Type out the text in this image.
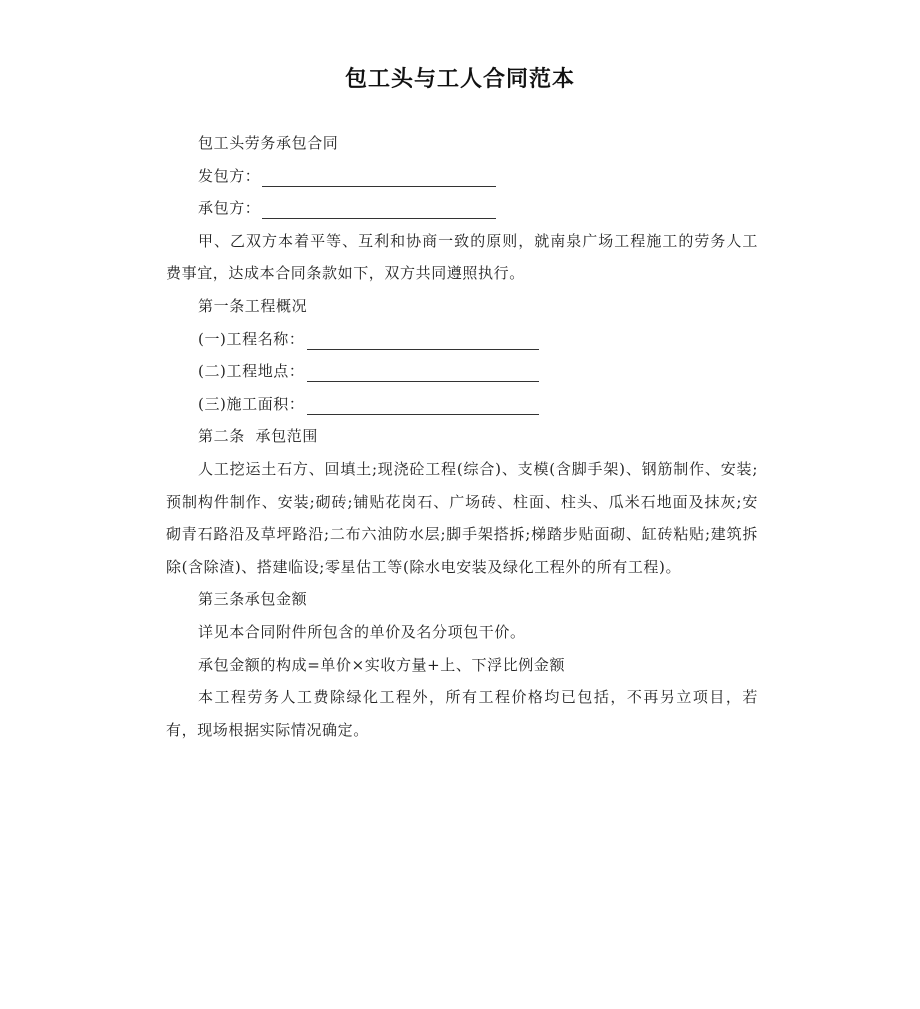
包工头与工人合同范本

包工头劳务承包合同

发包方：

承包方：

甲、乙双方本着平等、互利和协商一致的原则，就南泉广场工程施工的劳务人工费事宜，达成本合同条款如下，双方共同遵照执行。

第一条工程概况

(一)工程名称：

(二)工程地点：

(三)施工面积：

第二条  承包范围

人工挖运土石方、回填土;现浇砼工程(综合)、支模(含脚手架)、钢筋制作、安装;预制构件制作、安装;砌砖;铺贴花岗石、广场砖、柱面、柱头、瓜米石地面及抹灰;安砌青石路沿及草坪路沿;二布六油防水层;脚手架搭拆;梯踏步贴面砌、缸砖粘贴;建筑拆除(含除渣)、搭建临设;零星估工等(除水电安装及绿化工程外的所有工程)。

第三条承包金额

详见本合同附件所包含的单价及名分项包干价。

承包金额的构成=单价×实收方量+上、下浮比例金额

本工程劳务人工费除绿化工程外，所有工程价格均已包括，不再另立项目，若有，现场根据实际情况确定。
